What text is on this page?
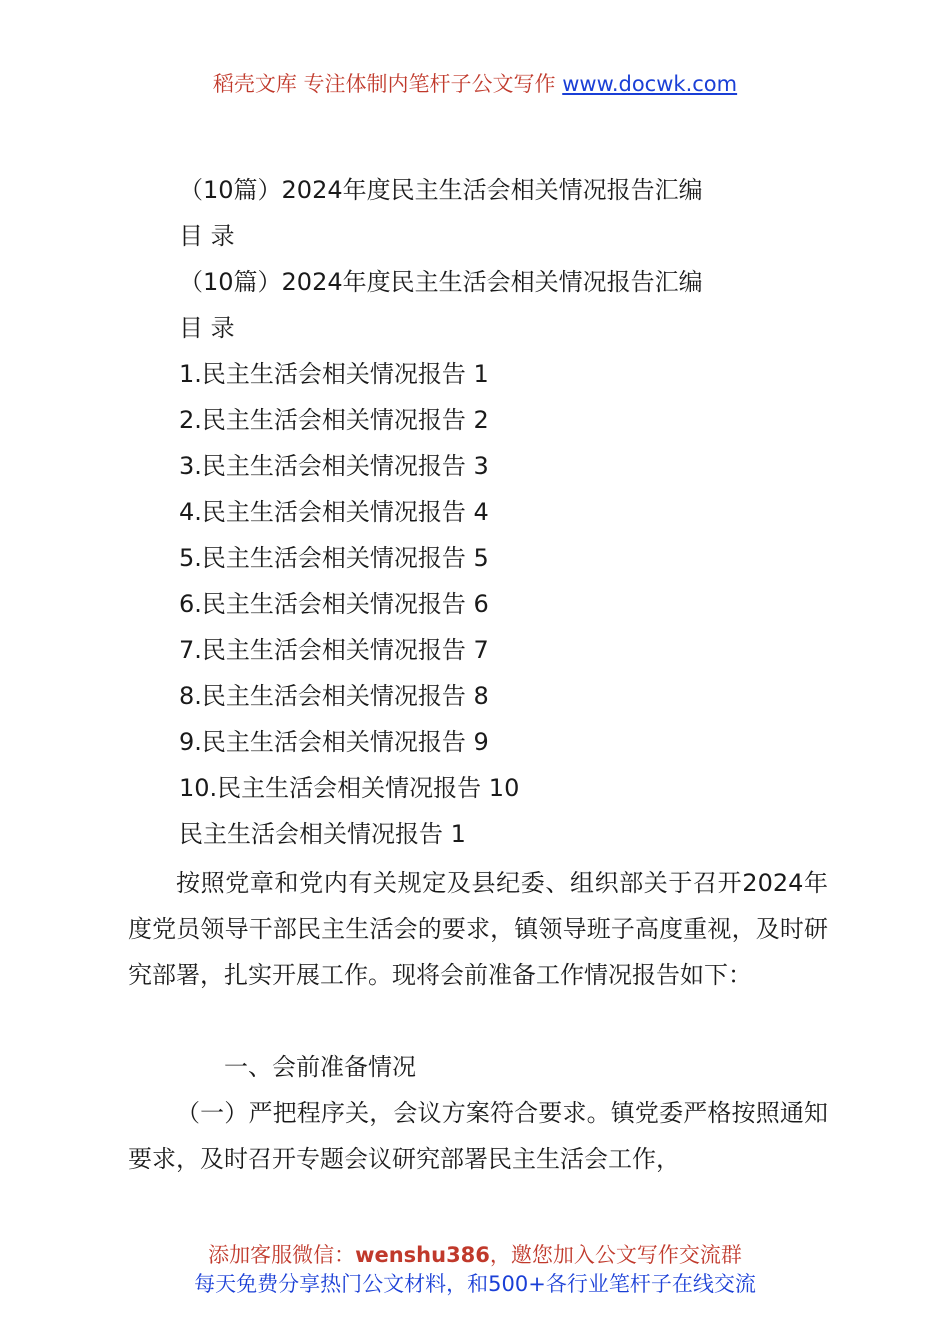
稻壳文库 专注体制内笔杆子公文写作 www.docwk.com
（10篇）2024年度民主生活会相关情况报告汇编
目 录
（10篇）2024年度民主生活会相关情况报告汇编
目 录
1.民主生活会相关情况报告 1
2.民主生活会相关情况报告 2
3.民主生活会相关情况报告 3
4.民主生活会相关情况报告 4
5.民主生活会相关情况报告 5
6.民主生活会相关情况报告 6
7.民主生活会相关情况报告 7
8.民主生活会相关情况报告 8
9.民主生活会相关情况报告 9
10.民主生活会相关情况报告 10
民主生活会相关情况报告 1
按照党章和党内有关规定及县纪委、组织部关于召开2024年度党员领导干部民主生活会的要求，镇领导班子高度重视，及时研究部署，扎实开展工作。现将会前准备工作情况报告如下：
一、会前准备情况
（一）严把程序关，会议方案符合要求。镇党委严格按照通知要求，及时召开专题会议研究部署民主生活会工作，
添加客服微信：wenshu386，邀您加入公文写作交流群
每天免费分享热门公文材料，和500+各行业笔杆子在线交流
